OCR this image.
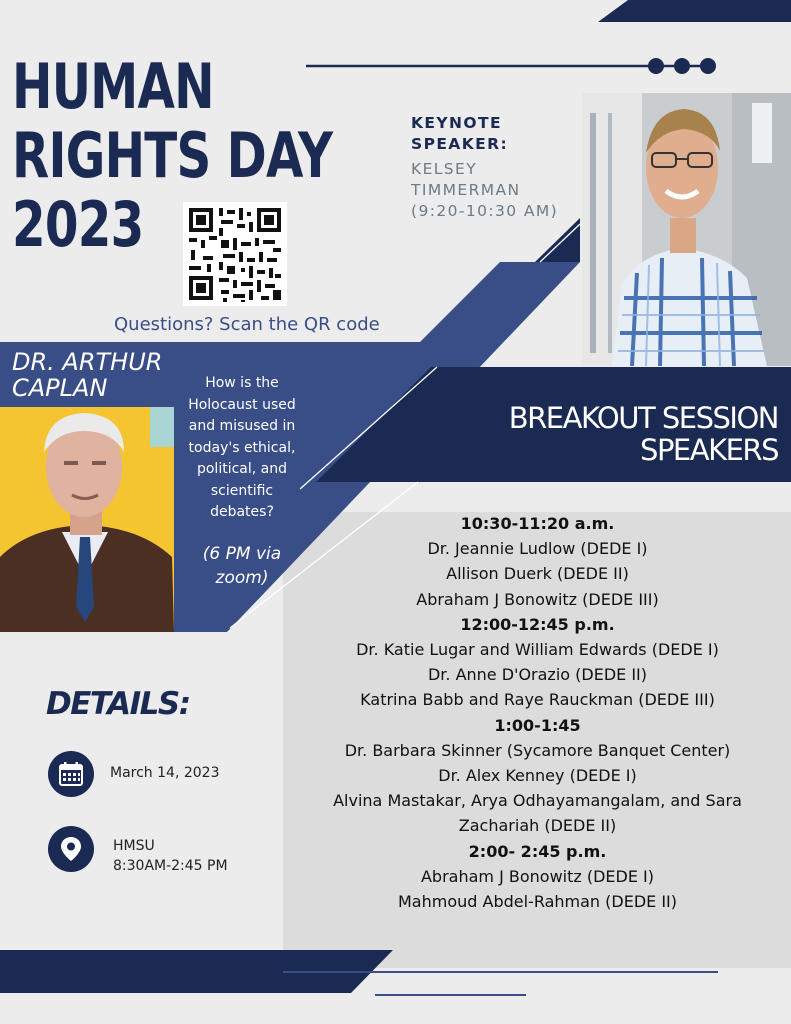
HUMAN
RIGHTS DAY
2023
Questions? Scan the QR code
KEYNOTE
SPEAKER:
KELSEY
TIMMERMAN
(9:20-10:30 AM)
DR. ARTHUR
CAPLAN	How is the
Holocaust used
and misused in
today's ethical,
political, and
scientific
debates?
(6 PM via
zoom)
BREAKOUT SESSION
SPEAKERS
10:30-11:20 a.m.
Dr. Jeannie Ludlow (DEDE I)
Allison Duerk (DEDE II)
Abraham J Bonowitz (DEDE III)
12:00-12:45 p.m.
Dr. Katie Lugar and William Edwards (DEDE I)
Dr. Anne D'Orazio (DEDE II)
Katrina Babb and Raye Rauckman (DEDE III)
1:00-1:45
Dr. Barbara Skinner (Sycamore Banquet Center)
Dr. Alex Kenney (DEDE I)
Alvina Mastakar, Arya Odhayamangalam, and Sara
Zachariah (DEDE II)
2:00- 2:45 p.m.
Abraham J Bonowitz (DEDE I)
Mahmoud Abdel-Rahman (DEDE II)
DETAILS:
March 14, 2023
HMSU
8:30AM-2:45 PM
